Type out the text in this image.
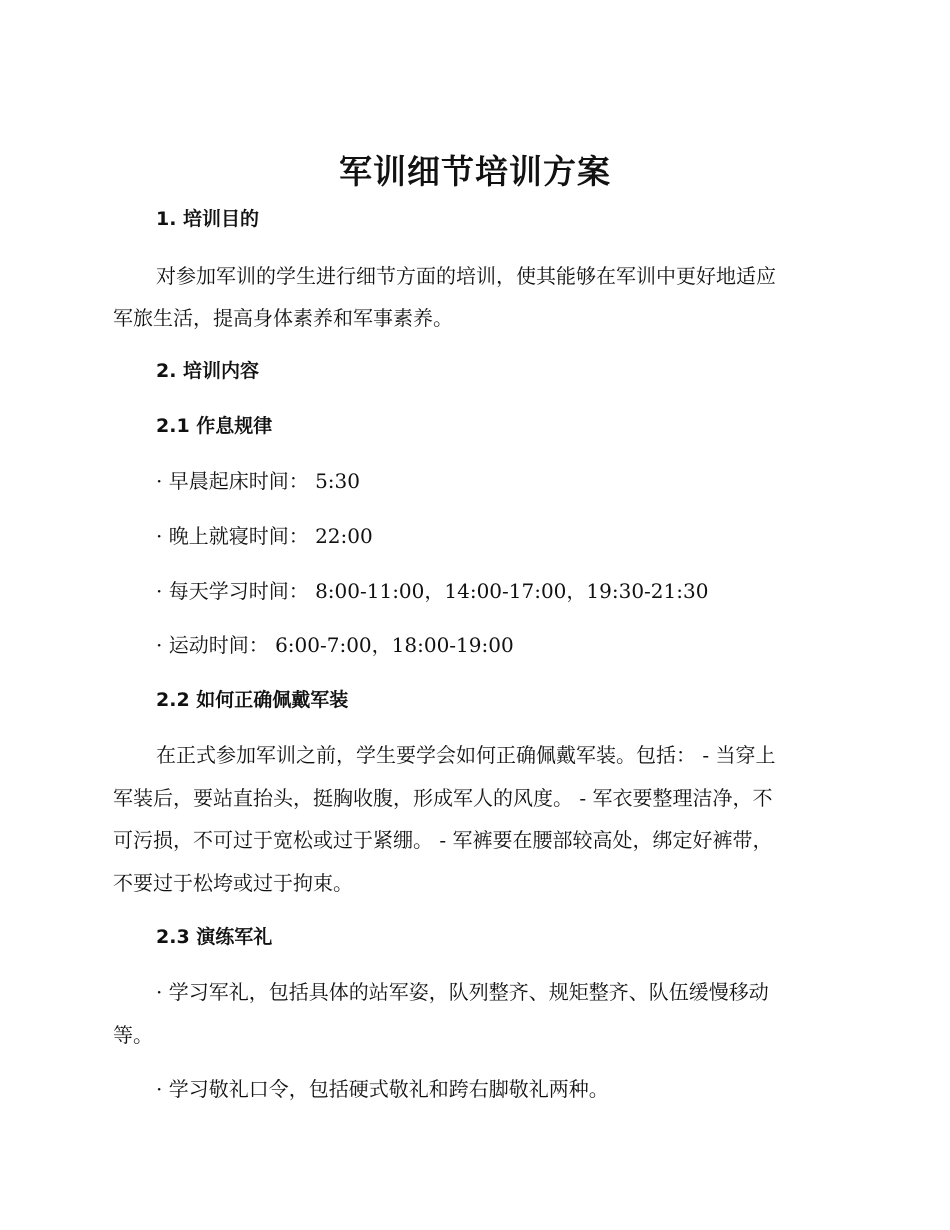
军训细节培训方案
1. 培训目的
对参加军训的学生进行细节方面的培训，使其能够在军训中更好地适应
军旅生活，提高身体素养和军事素养。
2. 培训内容
2.1 作息规律
· 早晨起床时间： 5:30
· 晚上就寝时间： 22:00
· 每天学习时间： 8:00-11:00，14:00-17:00，19:30-21:30
· 运动时间： 6:00-7:00，18:00-19:00
2.2 如何正确佩戴军装
在正式参加军训之前，学生要学会如何正确佩戴军装。包括： - 当穿上
军装后，要站直抬头，挺胸收腹，形成军人的风度。 - 军衣要整理洁净，不
可污损，不可过于宽松或过于紧绷。 - 军裤要在腰部较高处，绑定好裤带，
不要过于松垮或过于拘束。
2.3 演练军礼
· 学习军礼，包括具体的站军姿，队列整齐、规矩整齐、队伍缓慢移动
等。
· 学习敬礼口令，包括硬式敬礼和跨右脚敬礼两种。
